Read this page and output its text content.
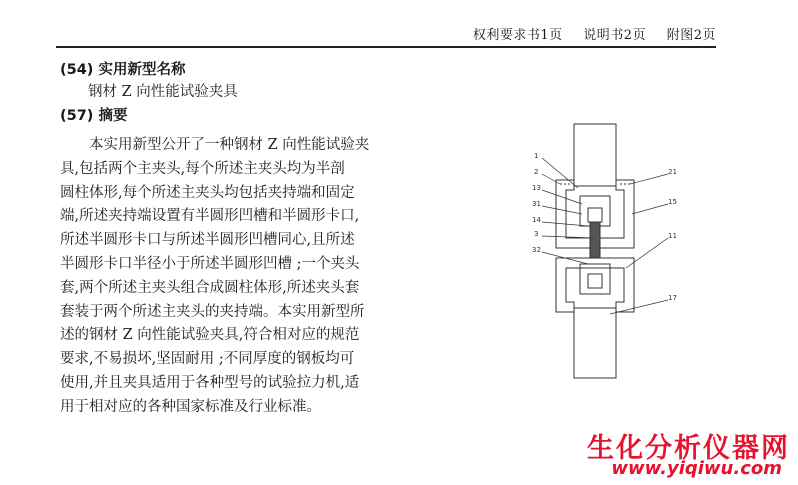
权利要求书1页 说明书2页 附图2页
(54) 实用新型名称
钢材 Z 向性能试验夹具
(57) 摘要
本实用新型公开了一种钢材 Z 向性能试验夹
具,包括两个主夹头,每个所述主夹头均为半剖
圆柱体形,每个所述主夹头均包括夹持端和固定
端,所述夹持端设置有半圆形凹槽和半圆形卡口,
所述半圆形卡口与所述半圆形凹槽同心,且所述
半圆形卡口半径小于所述半圆形凹槽 ;一个夹头
套,两个所述主夹头组合成圆柱体形,所述夹头套
套装于两个所述主夹头的夹持端。本实用新型所
述的钢材 Z 向性能试验夹具,符合相对应的规范
要求,不易损坏,坚固耐用 ;不同厚度的钢板均可
使用,并且夹具适用于各种型号的试验拉力机,适
用于相对应的各种国家标准及行业标准。
1
2
13
31
14
3
32
21
15
11
17
生化分析仪器网
www.yiqiwu.com
